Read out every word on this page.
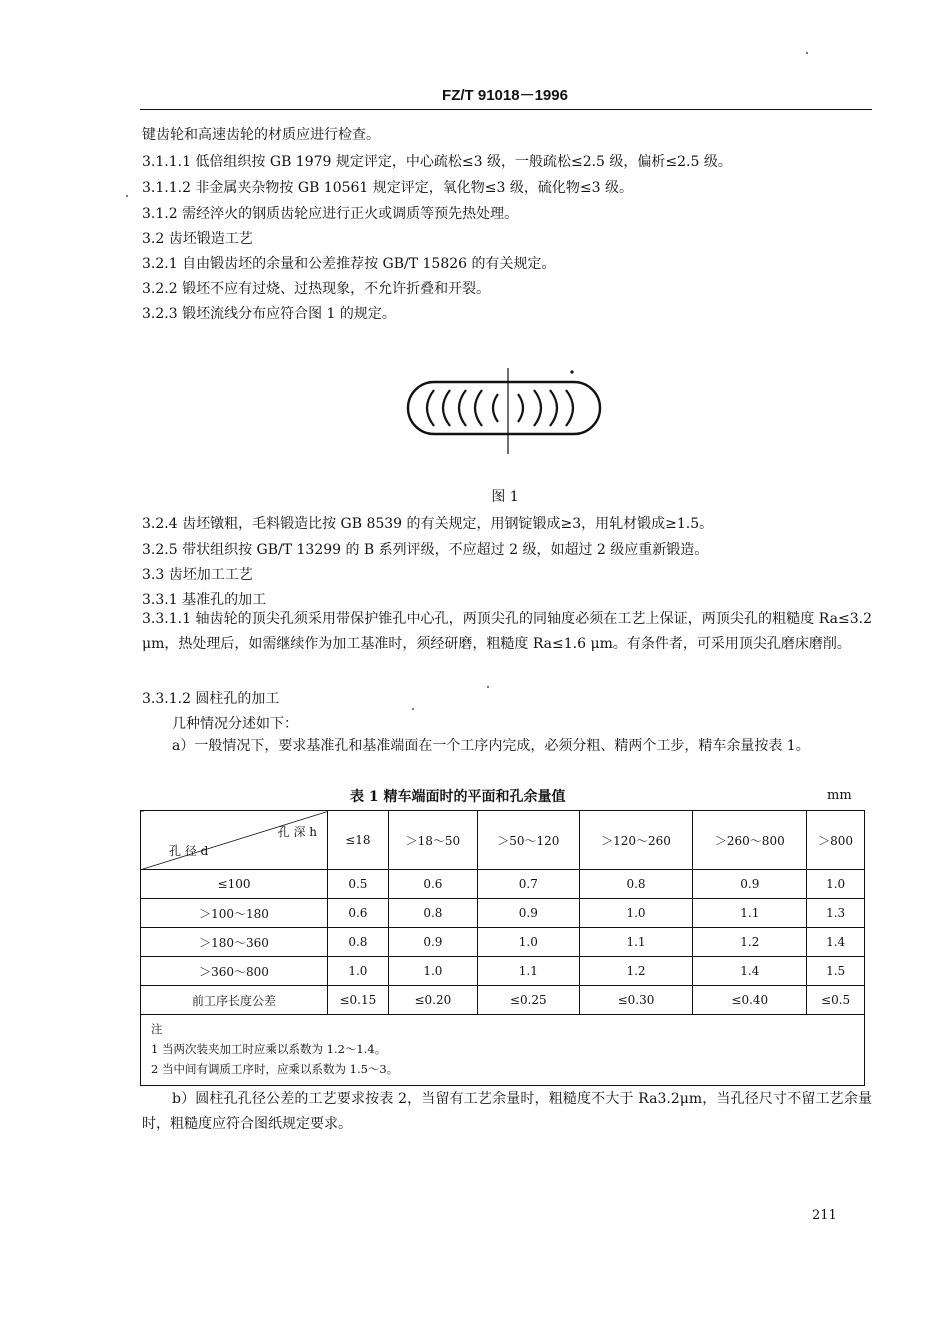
FZ/T 91018－1996
键齿轮和高速齿轮的材质应进行检查。
3.1.1.1 低倍组织按 GB 1979 规定评定，中心疏松≤3 级，一般疏松≤2.5 级，偏析≤2.5 级。
3.1.1.2 非金属夹杂物按 GB 10561 规定评定，氧化物≤3 级，硫化物≤3 级。
3.1.2 需经淬火的钢质齿轮应进行正火或调质等预先热处理。
3.2 齿坯锻造工艺
3.2.1 自由锻齿坯的余量和公差推荐按 GB/T 15826 的有关规定。
3.2.2 锻坯不应有过烧、过热现象，不允许折叠和开裂。
3.2.3 锻坯流线分布应符合图 1 的规定。
图 1
3.2.4 齿坯镦粗，毛料锻造比按 GB 8539 的有关规定，用钢锭锻成≥3，用轧材锻成≥1.5。
3.2.5 带状组织按 GB/T 13299 的 B 系列评级，不应超过 2 级，如超过 2 级应重新锻造。
3.3 齿坯加工工艺
3.3.1 基准孔的加工
3.3.1.1 轴齿轮的顶尖孔须采用带保护锥孔中心孔，两顶尖孔的同轴度必须在工艺上保证，两顶尖孔的粗糙度 Ra≤3.2 μm，热处理后，如需继续作为加工基准时，须经研磨，粗糙度 Ra≤1.6 μm。有条件者，可采用顶尖孔磨床磨削。
3.3.1.2 圆柱孔的加工
几种情况分述如下：
a）一般情况下，要求基准孔和基准端面在一个工序内完成，必须分粗、精两个工步，精车余量按表 1。
表 1 精车端面时的平面和孔余量值	mm
孔 深 h
孔 径 d	≤18	＞18～50	＞50～120	＞120～260	＞260～800	＞800
≤100	0.5	0.6	0.7	0.8	0.9	1.0
＞100～180	0.6	0.8	0.9	1.0	1.1	1.3
＞180～360	0.8	0.9	1.0	1.1	1.2	1.4
＞360～800	1.0	1.0	1.1	1.2	1.4	1.5
前工序长度公差	≤0.15	≤0.20	≤0.25	≤0.30	≤0.40	≤0.5

注
1 当两次装夹加工时应乘以系数为 1.2～1.4。
2 当中间有调质工序时，应乘以系数为 1.5～3。						
b）圆柱孔孔径公差的工艺要求按表 2，当留有工艺余量时，粗糙度不大于 Ra3.2μm，当孔径尺寸不留工艺余量时，粗糙度应符合图纸规定要求。
211
